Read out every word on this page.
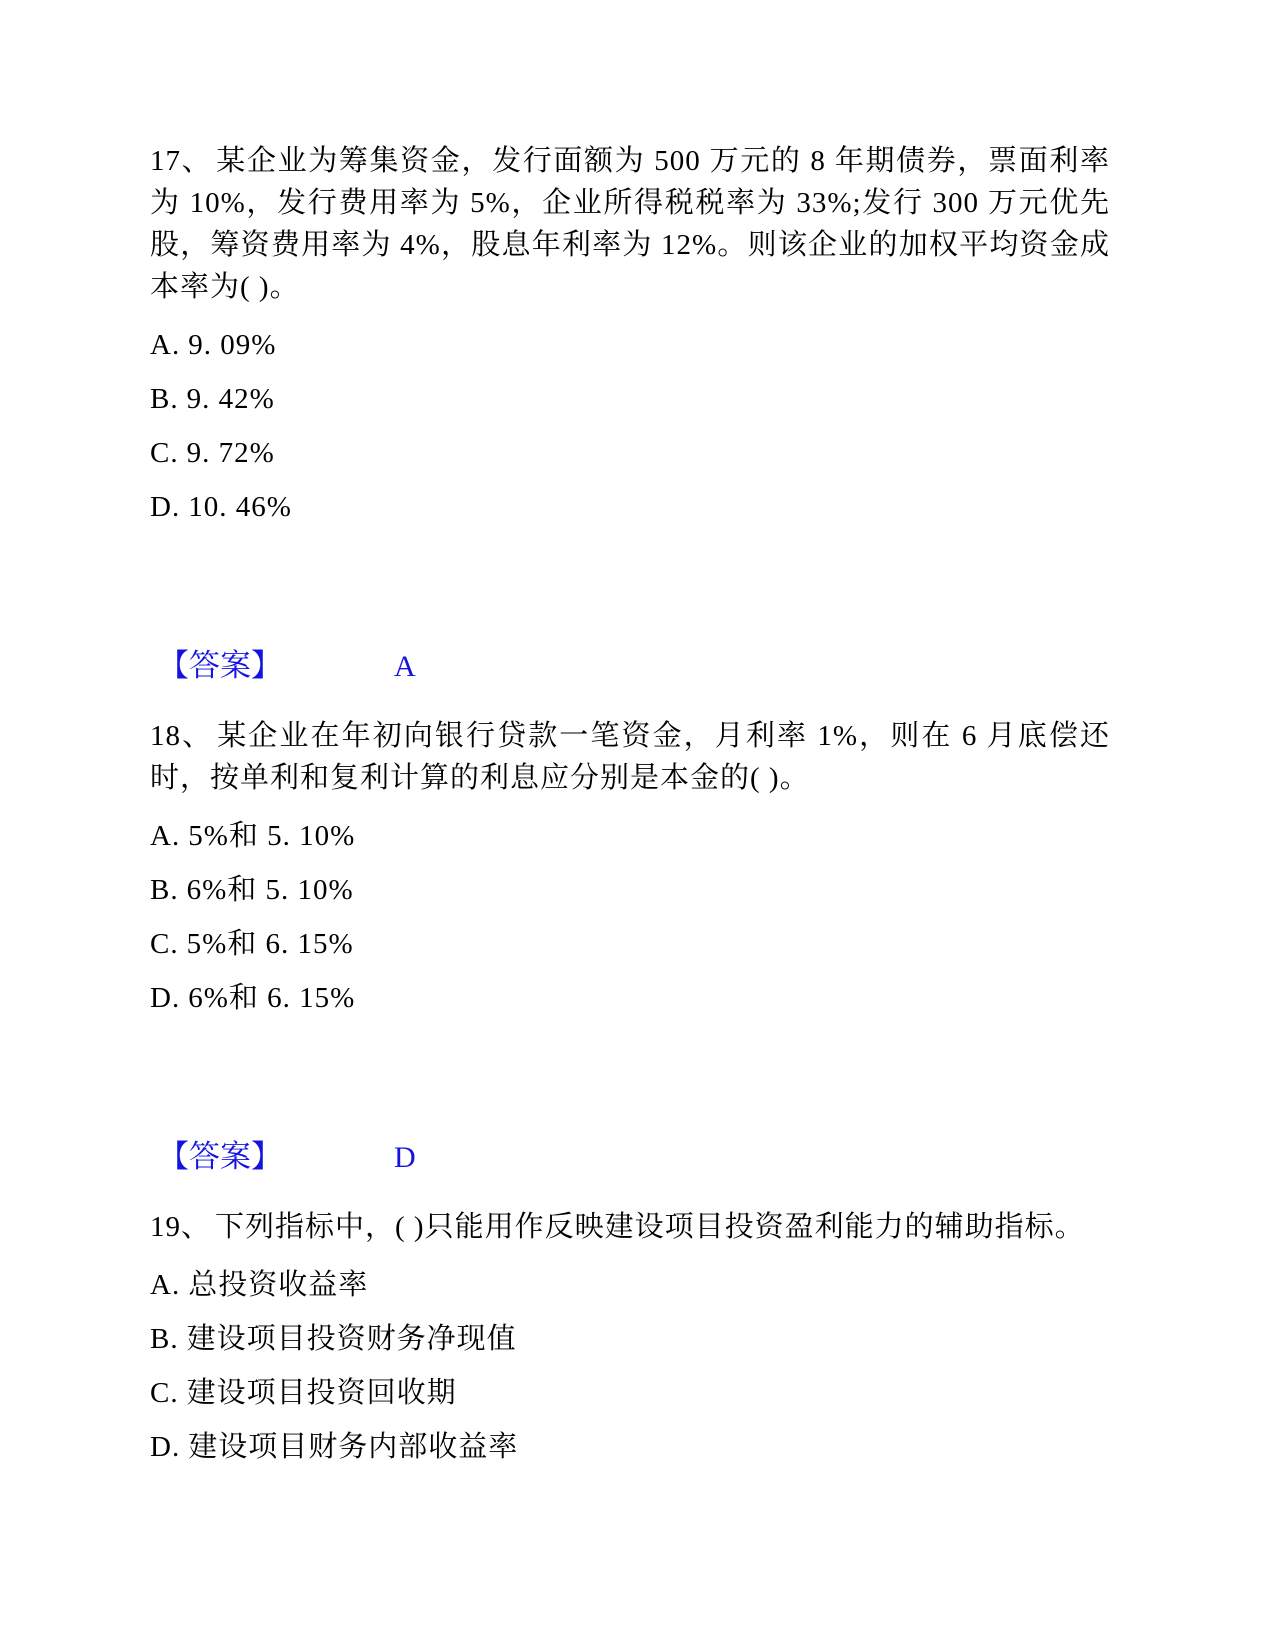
17、 某企业为筹集资金，发行面额为 500 万元的 8 年期债券，票面利率为 10%，发行费用率为 5%，企业所得税税率为 33%;发行 300 万元优先股，筹资费用率为 4%，股息年利率为 12%。则该企业的加权平均资金成本率为( )。

A. 9. 09%

B. 9. 42%

C. 9. 72%

D. 10. 46%

【答案】	A

18、 某企业在年初向银行贷款一笔资金，月利率 1%，则在 6 月底偿还时，按单利和复利计算的利息应分别是本金的( )。

A. 5%和 5. 10%

B. 6%和 5. 10%

C. 5%和 6. 15%

D. 6%和 6. 15%

【答案】	D

19、 下列指标中，( )只能用作反映建设项目投资盈利能力的辅助指标。

A. 总投资收益率

B. 建设项目投资财务净现值

C. 建设项目投资回收期

D. 建设项目财务内部收益率
